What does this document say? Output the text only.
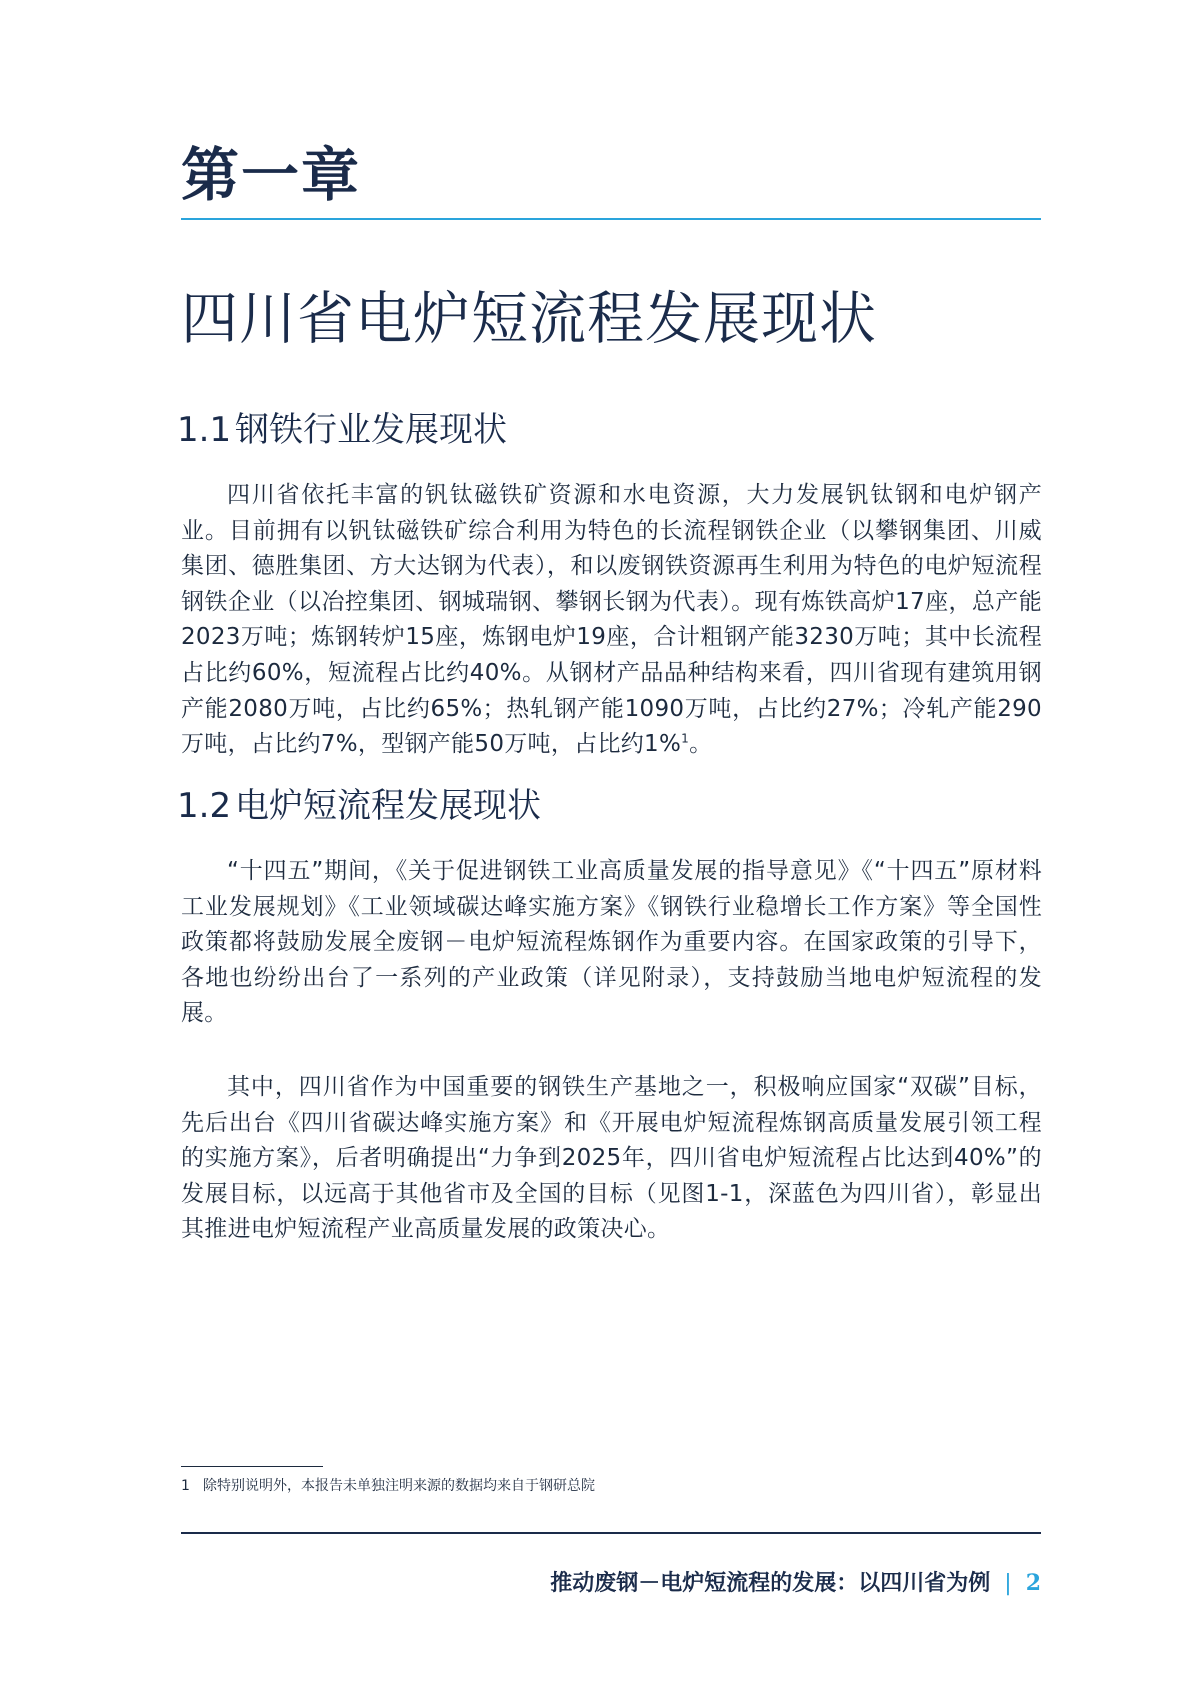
第一章
四川省电炉短流程发展现状
1.1 钢铁行业发展现状

四川省依托丰富的钒钛磁铁矿资源和水电资源，大力发展钒钛钢和电炉钢产业。目前拥有以钒钛磁铁矿综合利用为特色的长流程钢铁企业（以攀钢集团、川威集团、德胜集团、方大达钢为代表），和以废钢铁资源再生利用为特色的电炉短流程钢铁企业（以冶控集团、钢城瑞钢、攀钢长钢为代表）。现有炼铁高炉17座，总产能2023万吨；炼钢转炉15座，炼钢电炉19座，合计粗钢产能3230万吨；其中长流程占比约60%，短流程占比约40%。从钢材产品品种结构来看，四川省现有建筑用钢产能2080万吨，占比约65%；热轧钢产能1090万吨，占比约27%；冷轧产能290万吨，占比约7%，型钢产能50万吨，占比约1%$^1$。

1.2 电炉短流程发展现状

“十四五”期间，《关于促进钢铁工业高质量发展的指导意见》《“十四五”原材料工业发展规划》《工业领域碳达峰实施方案》《钢铁行业稳增长工作方案》等全国性政策都将鼓励发展全废钢－电炉短流程炼钢作为重要内容。在国家政策的引导下，各地也纷纷出台了一系列的产业政策（详见附录），支持鼓励当地电炉短流程的发展。

其中，四川省作为中国重要的钢铁生产基地之一，积极响应国家“双碳”目标，先后出台《四川省碳达峰实施方案》和《开展电炉短流程炼钢高质量发展引领工程的实施方案》，后者明确提出“力争到2025年，四川省电炉短流程占比达到40%”的发展目标，以远高于其他省市及全国的目标（见图1-1，深蓝色为四川省），彰显出其推进电炉短流程产业高质量发展的政策决心。

1 除特别说明外，本报告未单独注明来源的数据均来自于钢研总院
推动废钢－电炉短流程的发展：以四川省为例 | 2
